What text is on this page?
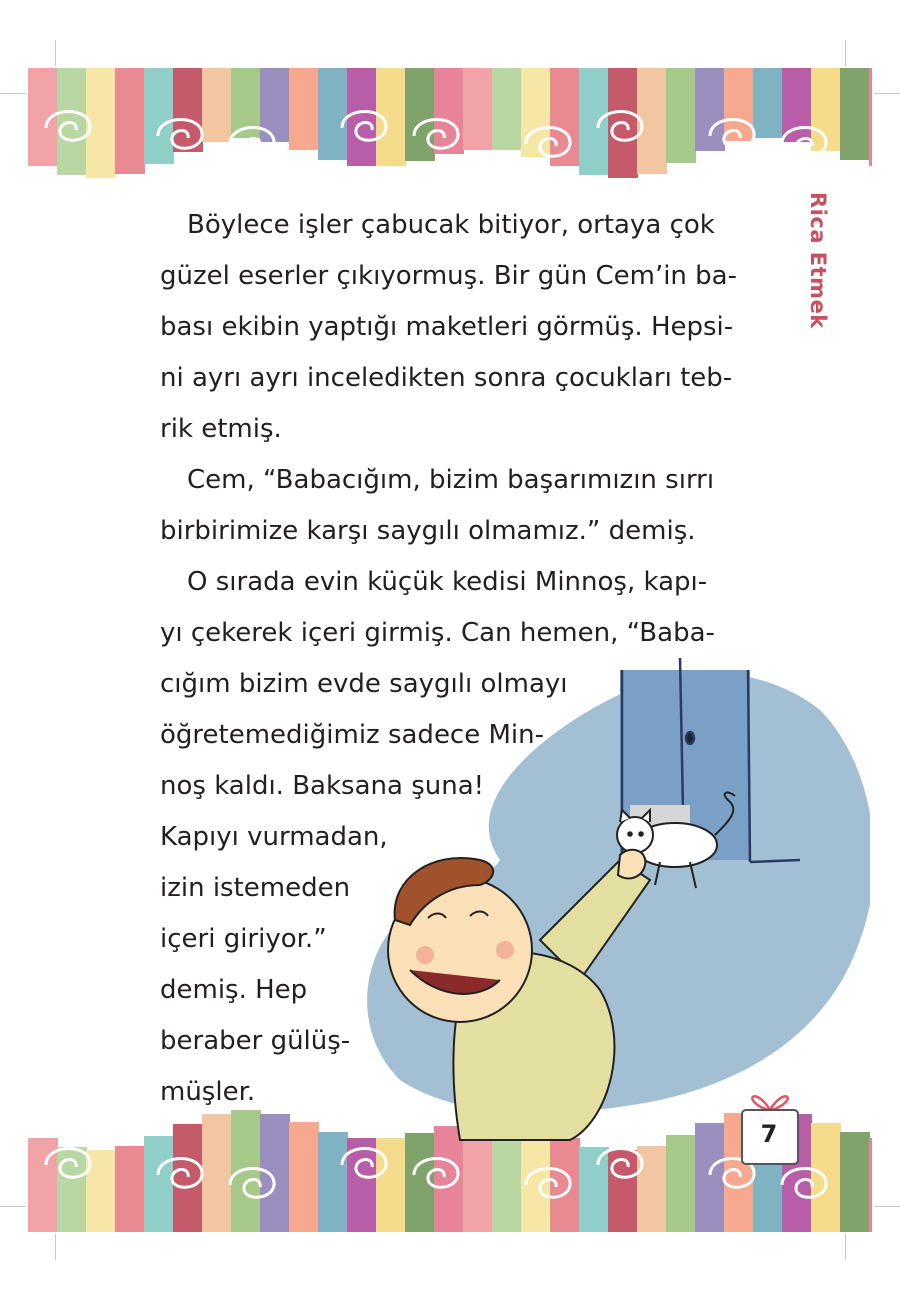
Rica Etmek

Böylece işler çabucak bitiyor, ortaya çok
güzel eserler çıkıyormuş. Bir gün Cem’in ba-
bası ekibin yaptığı maketleri görmüş. Hepsi-
ni ayrı ayrı inceledikten sonra çocukları teb-
rik etmiş.

Cem, “Babacığım, bizim başarımızın sırrı
birbirimize karşı saygılı olmamız.” demiş.

O sırada evin küçük kedisi Minnoş, kapı-
yı çekerek içeri girmiş. Can hemen, “Baba-
cığım bizim evde saygılı olmayı
öğretemediğimiz sadece Min-
noş kaldı. Baksana şuna!
Kapıyı vurmadan,
izin istemeden
içeri giriyor.”
demiş. Hep
beraber gülüş-
müşler.

7
